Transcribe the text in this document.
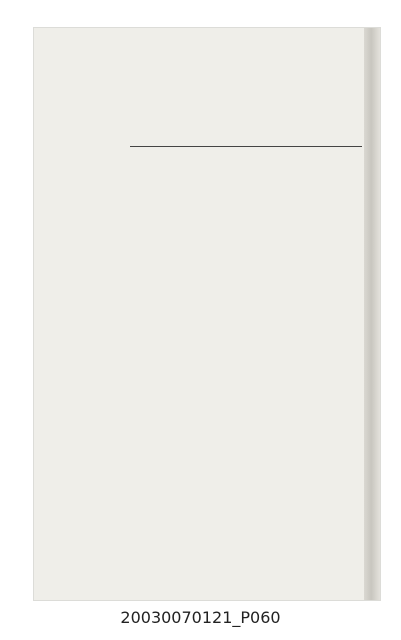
20030070121_P060
